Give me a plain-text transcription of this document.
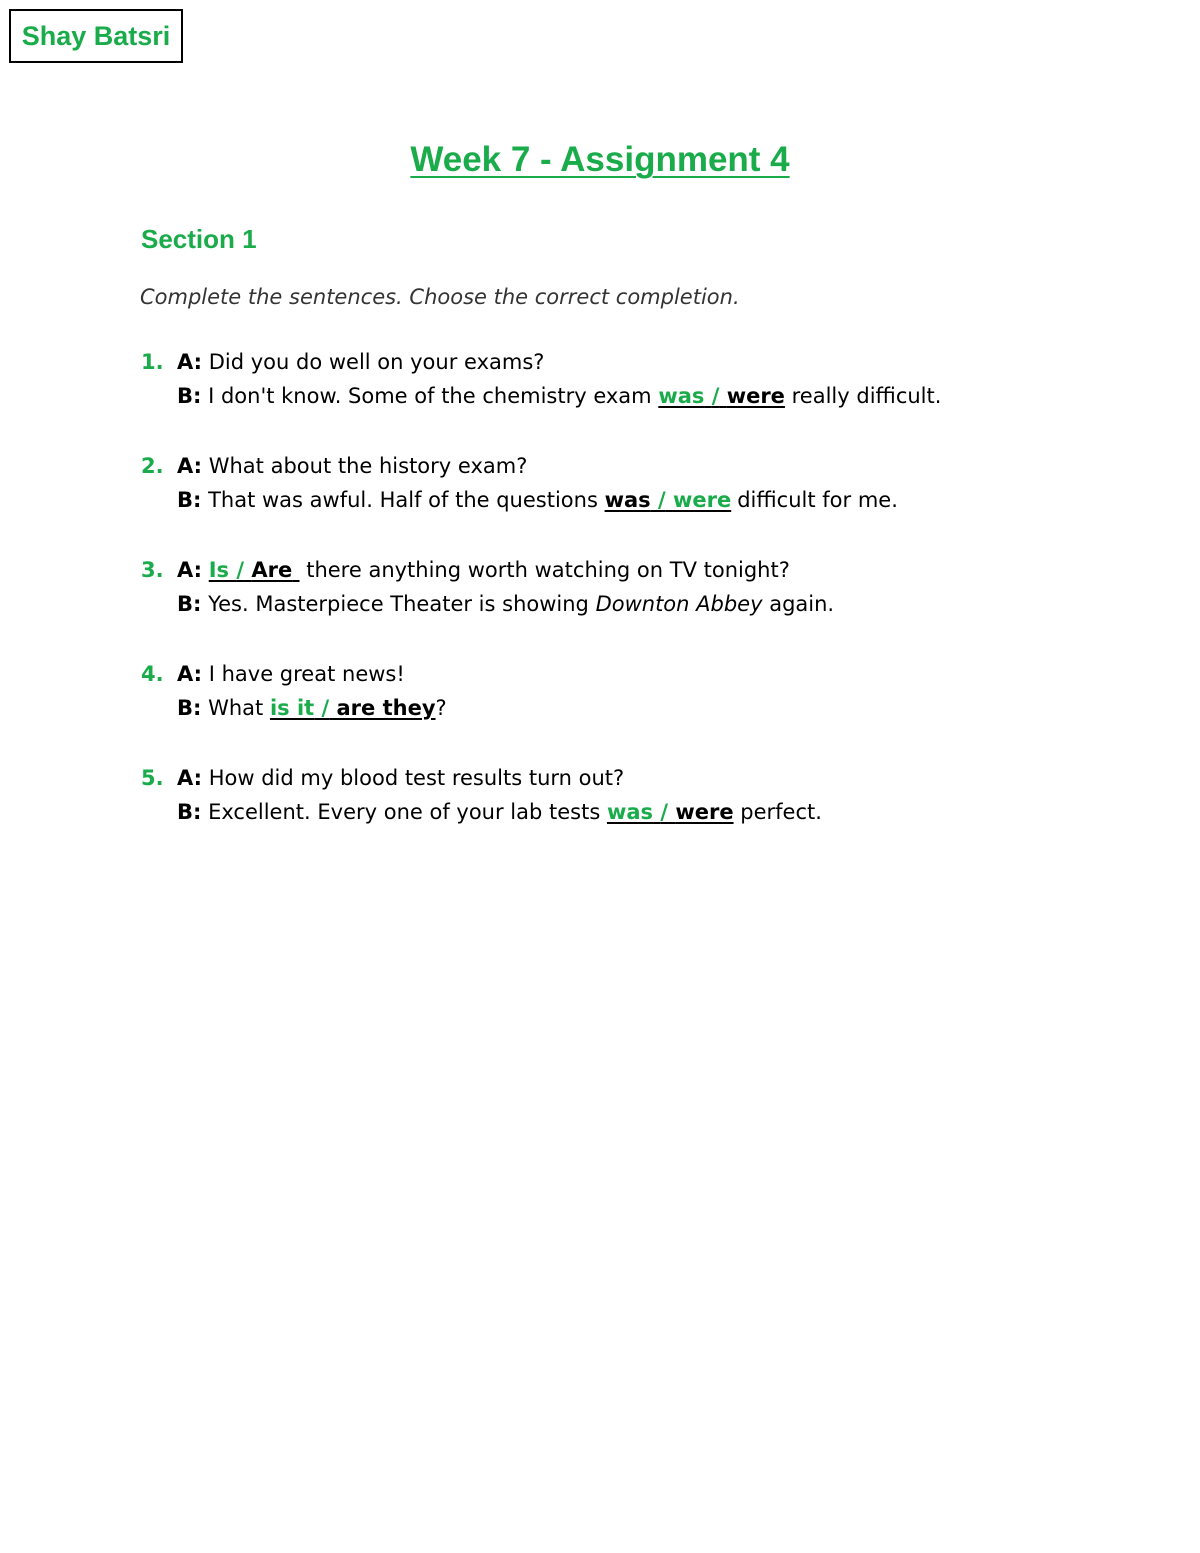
Shay Batsri
Week 7 - Assignment 4
Section 1
Complete the sentences. Choose the correct completion.
1. A: Did you do well on your exams?
B: I don't know. Some of the chemistry exam was / were really difficult.
2. A: What about the history exam?
B: That was awful. Half of the questions was / were difficult for me.
3. A: Is / Are there anything worth watching on TV tonight?
B: Yes. Masterpiece Theater is showing Downton Abbey again.
4. A: I have great news!
B: What is it / are they?
5. A: How did my blood test results turn out?
B: Excellent. Every one of your lab tests was / were perfect.
